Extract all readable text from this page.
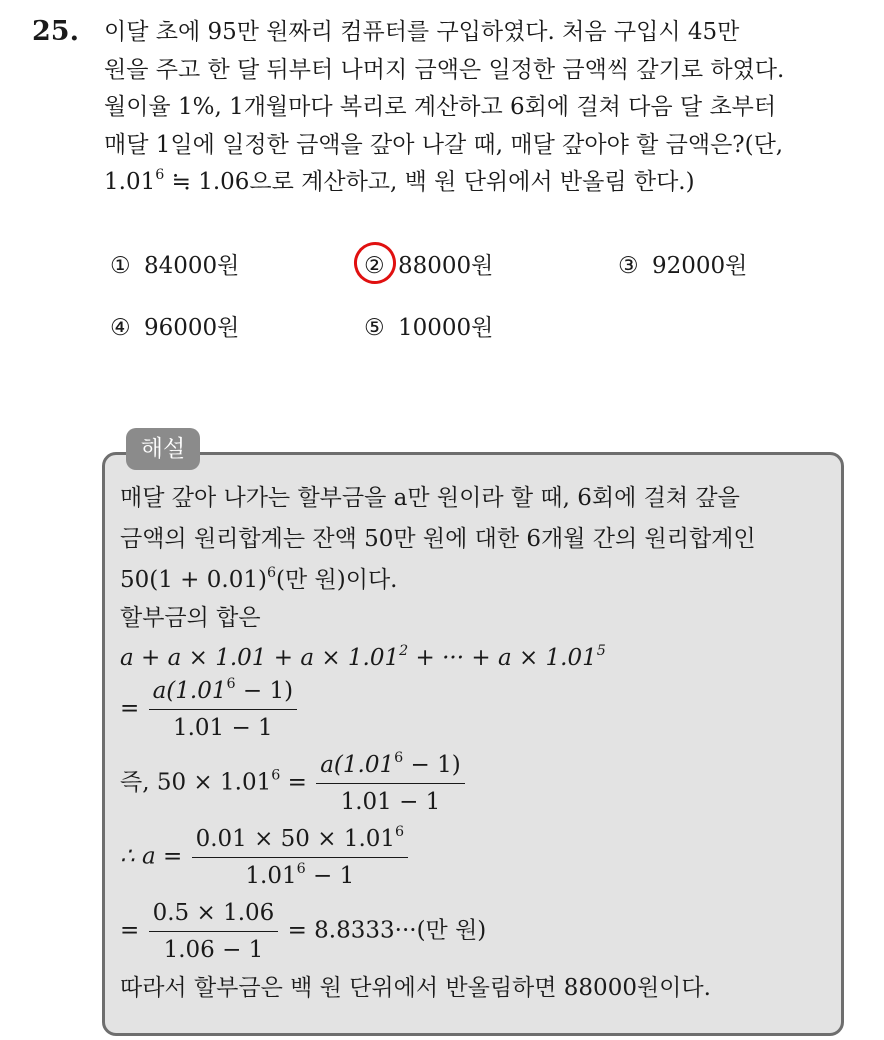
25. 이달 초에 95만 원짜리 컴퓨터를 구입하였다. 처음 구입시 45만
원을 주고 한 달 뒤부터 나머지 금액은 일정한 금액씩 갚기로 하였다.
월이율 1%, 1개월마다 복리로 계산하고 6회에 걸쳐 다음 달 초부터
매달 1일에 일정한 금액을 갚아 나갈 때, 매달 갚아야 할 금액은?(단,
1.01$^6$ ≒ 1.06으로 계산하고, 백 원 단위에서 반올림 한다.)
① 84000원	② 88000원	③ 92000원
④ 96000원	⑤ 10000원
해설
매달 갚아 나가는 할부금을 a만 원이라 할 때, 6회에 걸쳐 갚을
금액의 원리합계는 잔액 50만 원에 대한 6개월 간의 원리합계인
$50(1 + 0.01)^6$(만 원)이다.
할부금의 합은
$a + a \times 1.01 + a \times 1.01^2$ + ··· + $a \times 1.01^5$
= $\frac{a(1.01^6 - 1)}{1.01 - 1}$
즉, $50 \times 1.01^6 = \frac{a(1.01^6 - 1)}{1.01 - 1}$
∴ $a = \frac{0.01 \times 50 \times 1.01^6}{1.01^6 - 1}$
= $\frac{0.5 \times 1.06}{1.06 - 1} = 8.8333\cdot\cdot\cdot$(만 원)
따라서 할부금은 백 원 단위에서 반올림하면 88000원이다.
